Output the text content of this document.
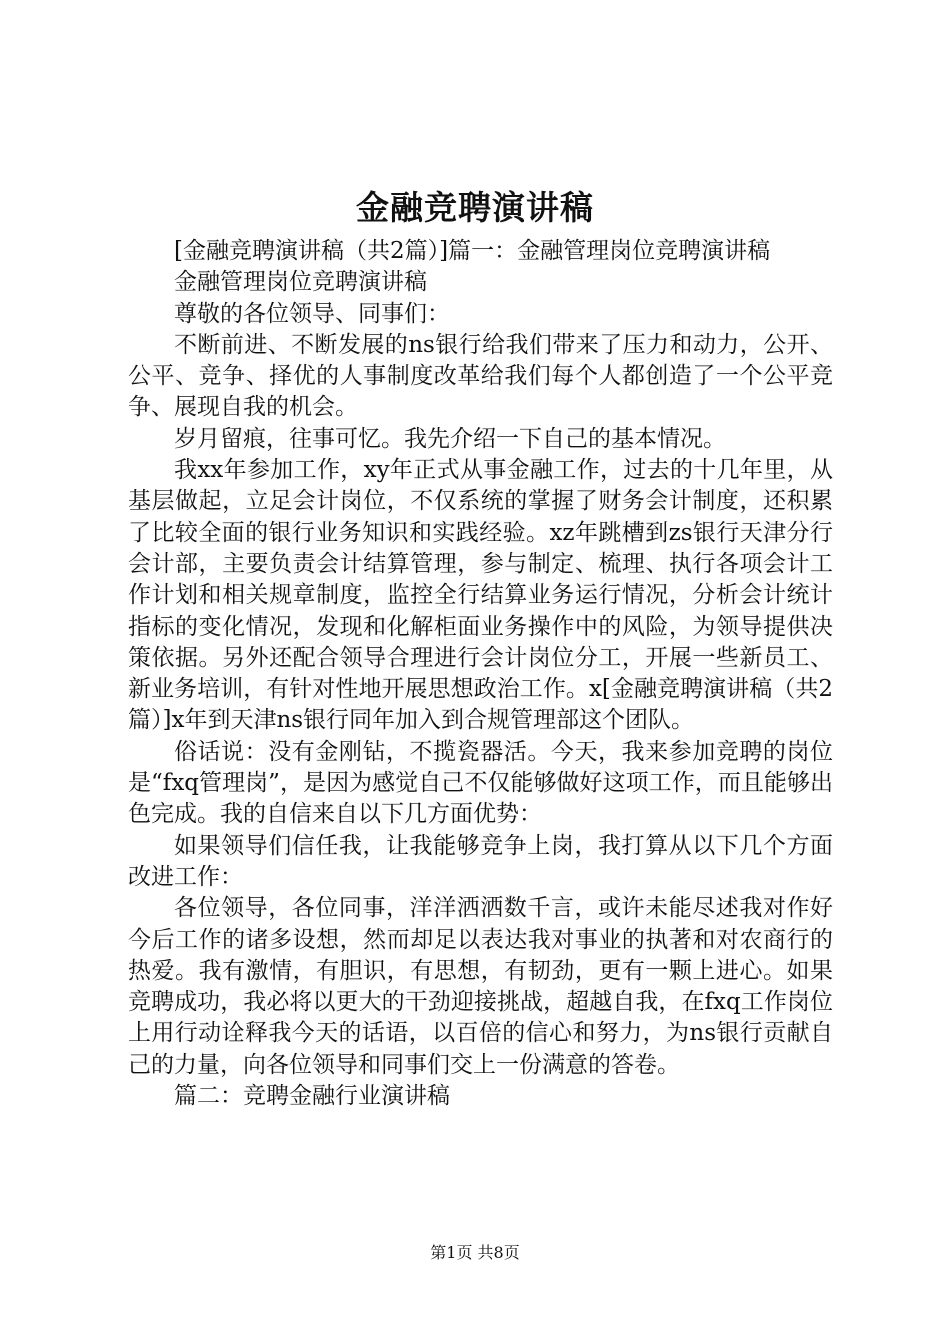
金融竞聘演讲稿

[金融竞聘演讲稿（共2篇）]篇一：金融管理岗位竞聘演讲稿

金融管理岗位竞聘演讲稿

尊敬的各位领导、同事们：

不断前进、不断发展的ns银行给我们带来了压力和动力，公开、公平、竞争、择优的人事制度改革给我们每个人都创造了一个公平竞争、展现自我的机会。

岁月留痕，往事可忆。我先介绍一下自己的基本情况。

我xx年参加工作，xy年正式从事金融工作，过去的十几年里，从基层做起，立足会计岗位，不仅系统的掌握了财务会计制度，还积累了比较全面的银行业务知识和实践经验。xz年跳槽到zs银行天津分行会计部，主要负责会计结算管理，参与制定、梳理、执行各项会计工作计划和相关规章制度，监控全行结算业务运行情况，分析会计统计指标的变化情况，发现和化解柜面业务操作中的风险，为领导提供决策依据。另外还配合领导合理进行会计岗位分工，开展一些新员工、新业务培训，有针对性地开展思想政治工作。x[金融竞聘演讲稿（共2篇）]x年到天津ns银行同年加入到合规管理部这个团队。

俗话说：没有金刚钻，不揽瓷器活。今天，我来参加竞聘的岗位是“fxq管理岗”，是因为感觉自己不仅能够做好这项工作，而且能够出色完成。我的自信来自以下几方面优势：

如果领导们信任我，让我能够竞争上岗，我打算从以下几个方面改进工作：

各位领导，各位同事，洋洋洒洒数千言，或许未能尽述我对作好今后工作的诸多设想，然而却足以表达我对事业的执著和对农商行的热爱。我有激情，有胆识，有思想，有韧劲，更有一颗上进心。如果竞聘成功，我必将以更大的干劲迎接挑战，超越自我，在fxq工作岗位上用行动诠释我今天的话语，以百倍的信心和努力，为ns银行贡献自己的力量，向各位领导和同事们交上一份满意的答卷。

篇二：竞聘金融行业演讲稿

第1页 共8页
